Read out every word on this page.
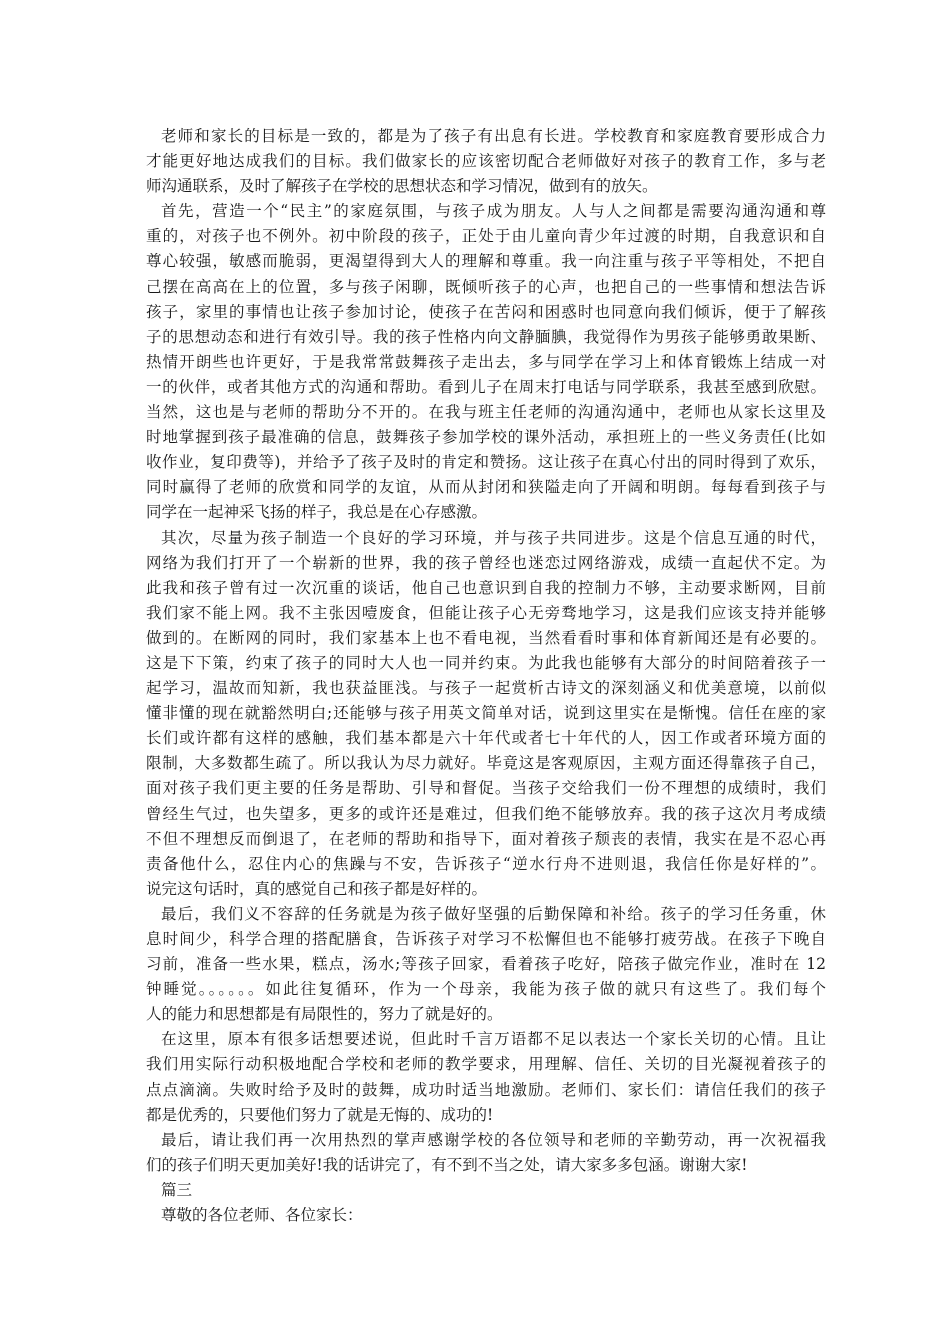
老师和家长的目标是一致的，都是为了孩子有出息有长进。学校教育和家庭教育要形成合力
才能更好地达成我们的目标。我们做家长的应该密切配合老师做好对孩子的教育工作，多与老
师沟通联系，及时了解孩子在学校的思想状态和学习情况，做到有的放矢。
首先，营造一个“民主”的家庭氛围，与孩子成为朋友。人与人之间都是需要沟通沟通和尊
重的，对孩子也不例外。初中阶段的孩子，正处于由儿童向青少年过渡的时期，自我意识和自
尊心较强，敏感而脆弱，更渴望得到大人的理解和尊重。我一向注重与孩子平等相处，不把自
己摆在高高在上的位置，多与孩子闲聊，既倾听孩子的心声，也把自己的一些事情和想法告诉
孩子，家里的事情也让孩子参加讨论，使孩子在苦闷和困惑时也同意向我们倾诉，便于了解孩
子的思想动态和进行有效引导。我的孩子性格内向文静腼腆，我觉得作为男孩子能够勇敢果断、
热情开朗些也许更好，于是我常常鼓舞孩子走出去，多与同学在学习上和体育锻炼上结成一对
一的伙伴，或者其他方式的沟通和帮助。看到儿子在周末打电话与同学联系，我甚至感到欣慰。
当然，这也是与老师的帮助分不开的。在我与班主任老师的沟通沟通中，老师也从家长这里及
时地掌握到孩子最准确的信息，鼓舞孩子参加学校的课外活动，承担班上的一些义务责任(比如
收作业，复印费等)，并给予了孩子及时的肯定和赞扬。这让孩子在真心付出的同时得到了欢乐，
同时赢得了老师的欣赏和同学的友谊，从而从封闭和狭隘走向了开阔和明朗。每每看到孩子与
同学在一起神采飞扬的样子，我总是在心存感激。
其次，尽量为孩子制造一个良好的学习环境，并与孩子共同进步。这是个信息互通的时代，
网络为我们打开了一个崭新的世界，我的孩子曾经也迷恋过网络游戏，成绩一直起伏不定。为
此我和孩子曾有过一次沉重的谈话，他自己也意识到自我的控制力不够，主动要求断网，目前
我们家不能上网。我不主张因噎废食，但能让孩子心无旁骛地学习，这是我们应该支持并能够
做到的。在断网的同时，我们家基本上也不看电视，当然看看时事和体育新闻还是有必要的。
这是下下策，约束了孩子的同时大人也一同并约束。为此我也能够有大部分的时间陪着孩子一
起学习，温故而知新，我也获益匪浅。与孩子一起赏析古诗文的深刻涵义和优美意境，以前似
懂非懂的现在就豁然明白;还能够与孩子用英文简单对话，说到这里实在是惭愧。信任在座的家
长们或许都有这样的感触，我们基本都是六十年代或者七十年代的人，因工作或者环境方面的
限制，大多数都生疏了。所以我认为尽力就好。毕竟这是客观原因，主观方面还得靠孩子自己，
面对孩子我们更主要的任务是帮助、引导和督促。当孩子交给我们一份不理想的成绩时，我们
曾经生气过，也失望多，更多的或许还是难过，但我们绝不能够放弃。我的孩子这次月考成绩
不但不理想反而倒退了，在老师的帮助和指导下，面对着孩子颓丧的表情，我实在是不忍心再
责备他什么，忍住内心的焦躁与不安，告诉孩子“逆水行舟不进则退，我信任你是好样的”。
说完这句话时，真的感觉自己和孩子都是好样的。
最后，我们义不容辞的任务就是为孩子做好坚强的后勤保障和补给。孩子的学习任务重，休
息时间少，科学合理的搭配膳食，告诉孩子对学习不松懈但也不能够打疲劳战。在孩子下晚自
习前，准备一些水果，糕点，汤水;等孩子回家，看着孩子吃好，陪孩子做完作业，准时在 12
钟睡觉。。。。。。如此往复循环，作为一个母亲，我能为孩子做的就只有这些了。我们每个
人的能力和思想都是有局限性的，努力了就是好的。
在这里，原本有很多话想要述说，但此时千言万语都不足以表达一个家长关切的心情。且让
我们用实际行动积极地配合学校和老师的教学要求，用理解、信任、关切的目光凝视着孩子的
点点滴滴。失败时给予及时的鼓舞，成功时适当地激励。老师们、家长们：请信任我们的孩子
都是优秀的，只要他们努力了就是无悔的、成功的!
最后，请让我们再一次用热烈的掌声感谢学校的各位领导和老师的辛勤劳动，再一次祝福我
们的孩子们明天更加美好!我的话讲完了，有不到不当之处，请大家多多包涵。谢谢大家!
篇三
尊敬的各位老师、各位家长：
